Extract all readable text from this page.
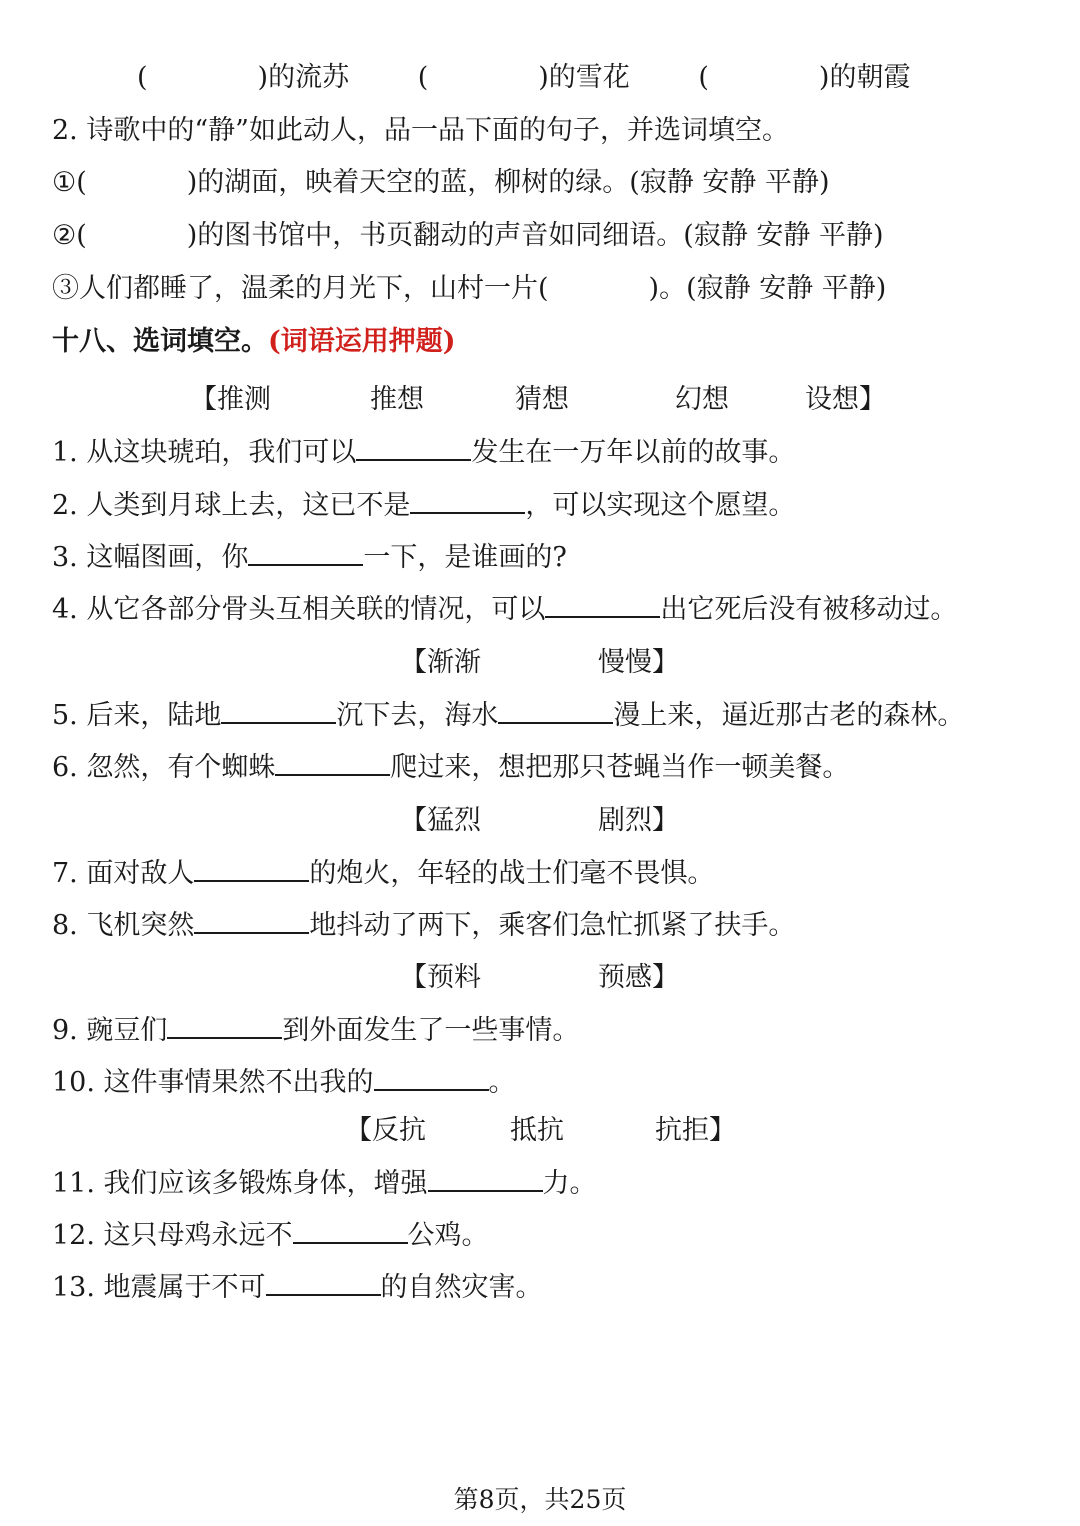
(	)的流苏	(	)的雪花	(	)的朝霞
2. 诗歌中的“静”如此动人，品一品下面的句子，并选词填空。
①(	)的湖面，映着天空的蓝，柳树的绿。(寂静 安静 平静)
②(	)的图书馆中，书页翻动的声音如同细语。(寂静 安静 平静)
③人们都睡了，温柔的月光下，山村一片(	)。(寂静 安静 平静)
十八、选词填空。(词语运用押题)
【推测	推想	猜想	幻想	设想】
1. 从这块琥珀，我们可以	发生在一万年以前的故事。
2. 人类到月球上去，这已不是	，可以实现这个愿望。
3. 这幅图画，你	一下，是谁画的?
4. 从它各部分骨头互相关联的情况，可以	出它死后没有被移动过。
【渐渐	慢慢】
5. 后来，陆地	沉下去，海水	漫上来，逼近那古老的森林。
6. 忽然，有个蜘蛛	爬过来，想把那只苍蝇当作一顿美餐。
【猛烈	剧烈】
7. 面对敌人	的炮火，年轻的战士们毫不畏惧。
8. 飞机突然	地抖动了两下，乘客们急忙抓紧了扶手。
【预料	预感】
9. 豌豆们	到外面发生了一些事情。
10. 这件事情果然不出我的	。
【反抗	抵抗	抗拒】
11. 我们应该多锻炼身体，增强	力。
12. 这只母鸡永远不	公鸡。
13. 地震属于不可	的自然灾害。
第8页，共25页
